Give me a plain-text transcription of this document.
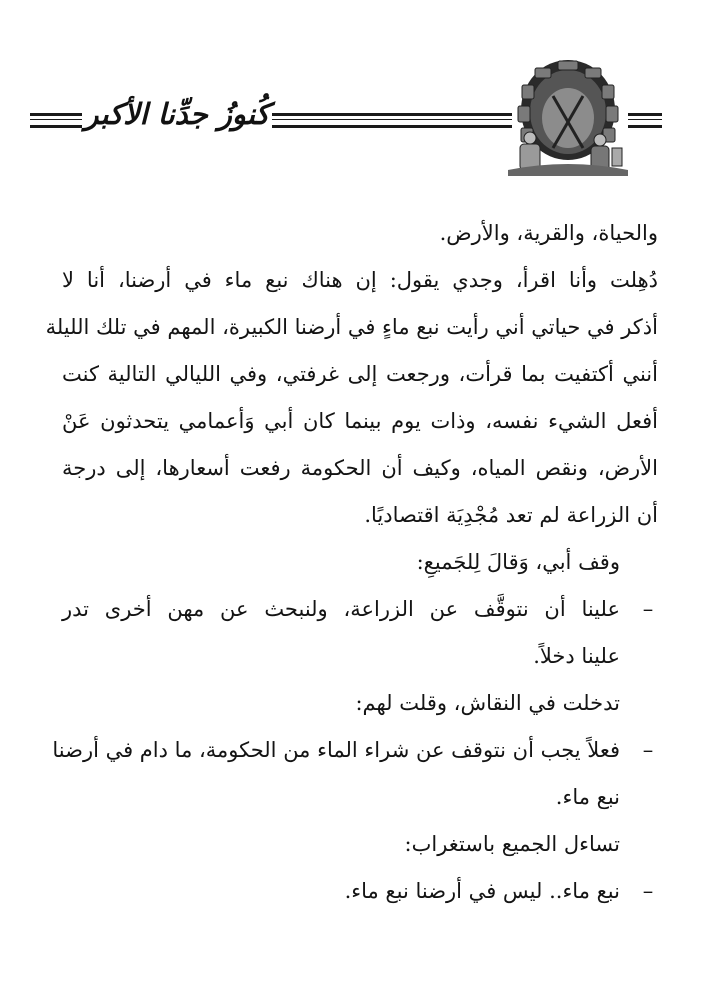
كُنوزُ جدِّنا الأكبر
والحياة، والقرية، والأرض.
دُهِلت وأنا اقرأ، وجدي يقول: إن هناك نبع ماء في أرضنا، أنا لا
أذكر في حياتي أني رأيت نبع ماءٍ في أرضنا الكبيرة، المهم في تلك الليلة
أنني أكتفيت بما قرأت، ورجعت إلى غرفتي، وفي الليالي التالية كنت
أفعل الشيء نفسه، وذات يوم بينما كان أبي وَأعمامي يتحدثون عَنْ
الأرض، ونقص المياه، وكيف أن الحكومة رفعت أسعارها، إلى درجة
أن الزراعة لم تعد مُجْدِيَة اقتصاديًا.
وقف أبي، وَقالَ لِلجَميعِ:
–
علينا أن نتوقَّف عن الزراعة، ولنبحث عن مهن أخرى تدر
علينا دخلاً.
تدخلت في النقاش، وقلت لهم:
–
فعلاً يجب أن نتوقف عن شراء الماء من الحكومة، ما دام في أرضنا
نبع ماء.
تساءل الجميع باستغراب:
–
نبع ماء.. ليس في أرضنا نبع ماء.
